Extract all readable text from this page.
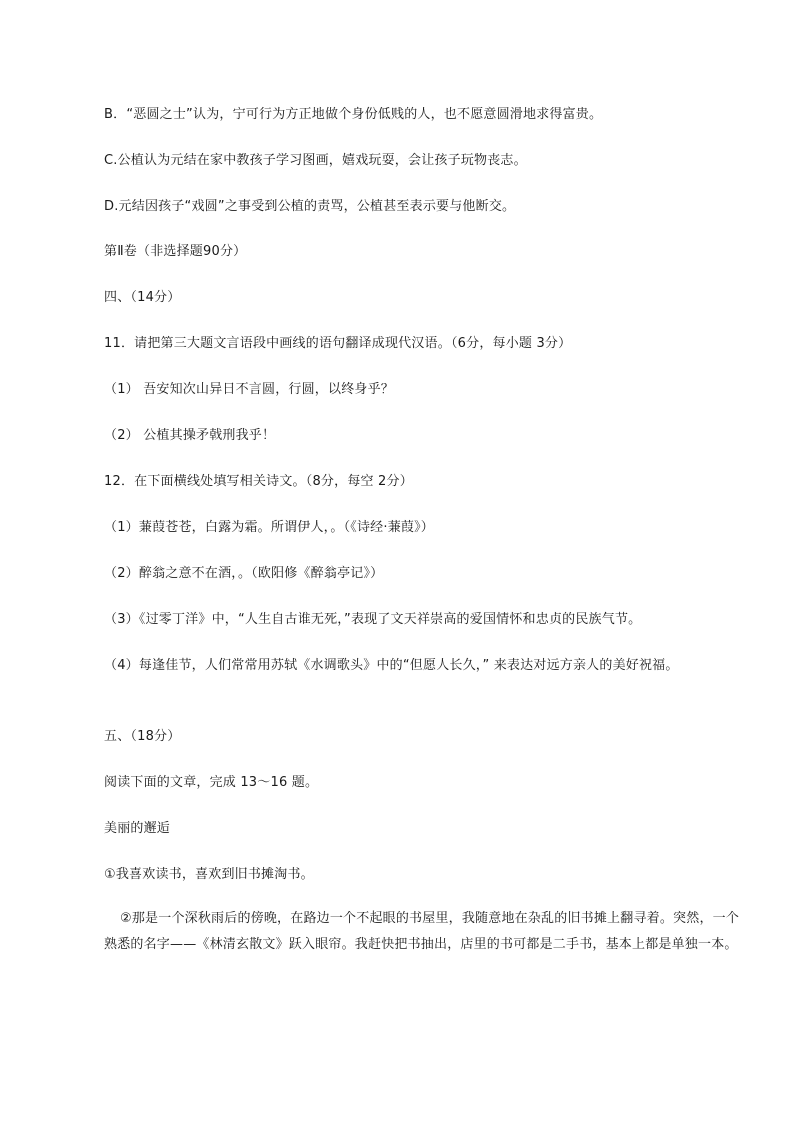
B．“恶圆之士”认为，宁可行为方正地做个身份低贱的人，也不愿意圆滑地求得富贵。
C.公植认为元结在家中教孩子学习图画，嬉戏玩耍，会让孩子玩物丧志。
D.元结因孩子“戏圆”之事受到公植的责骂，公植甚至表示要与他断交。
第Ⅱ卷（非选择题90分）
四、（14分）
11．请把第三大题文言语段中画线的语句翻译成现代汉语。（6分，每小题 3分）
（1） 吾安知次山异日不言圆，行圆，以终身乎？
（2） 公植其操矛戟刑我乎！
12．在下面横线处填写相关诗文。（8分，每空 2分）
（1）蒹葭苍苍，白露为霜。所谓伊人，。（《诗经·蒹葭》）
（2）醉翁之意不在酒，。（欧阳修《醉翁亭记》）
（3）《过零丁洋》中，“人生自古谁无死，”表现了文天祥崇高的爱国情怀和忠贞的民族气节。
（4）每逢佳节，人们常常用苏轼《水调歌头》中的“但愿人长久，” 来表达对远方亲人的美好祝福。
五、（18分）
阅读下面的文章，完成 13～16 题。
美丽的邂逅
①我喜欢读书，喜欢到旧书摊淘书。
②那是一个深秋雨后的傍晚，在路边一个不起眼的书屋里，我随意地在杂乱的旧书摊上翻寻着。突然，一个熟悉的名字——《林清玄散文》跃入眼帘。我赶快把书抽出，店里的书可都是二手书，基本上都是单独一本。
